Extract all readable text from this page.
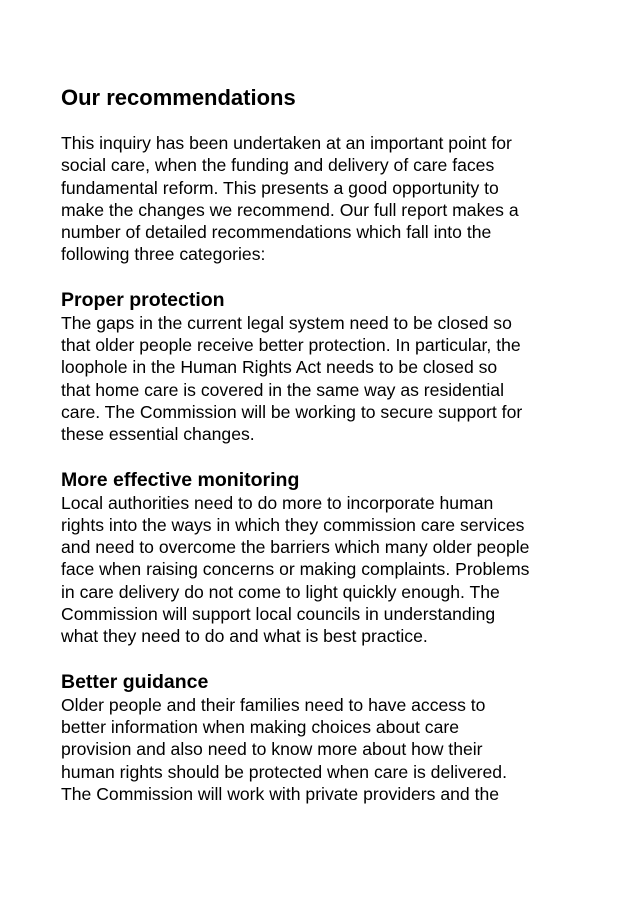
Our recommendations

This inquiry has been undertaken at an important point for
social care, when the funding and delivery of care faces
fundamental reform. This presents a good opportunity to
make the changes we recommend. Our full report makes a
number of detailed recommendations which fall into the
following three categories:

Proper protection

The gaps in the current legal system need to be closed so
that older people receive better protection. In particular, the
loophole in the Human Rights Act needs to be closed so
that home care is covered in the same way as residential
care. The Commission will be working to secure support for
these essential changes.

More effective monitoring

Local authorities need to do more to incorporate human
rights into the ways in which they commission care services
and need to overcome the barriers which many older people
face when raising concerns or making complaints. Problems
in care delivery do not come to light quickly enough. The
Commission will support local councils in understanding
what they need to do and what is best practice.

Better guidance

Older people and their families need to have access to
better information when making choices about care
provision and also need to know more about how their
human rights should be protected when care is delivered.
The Commission will work with private providers and the
